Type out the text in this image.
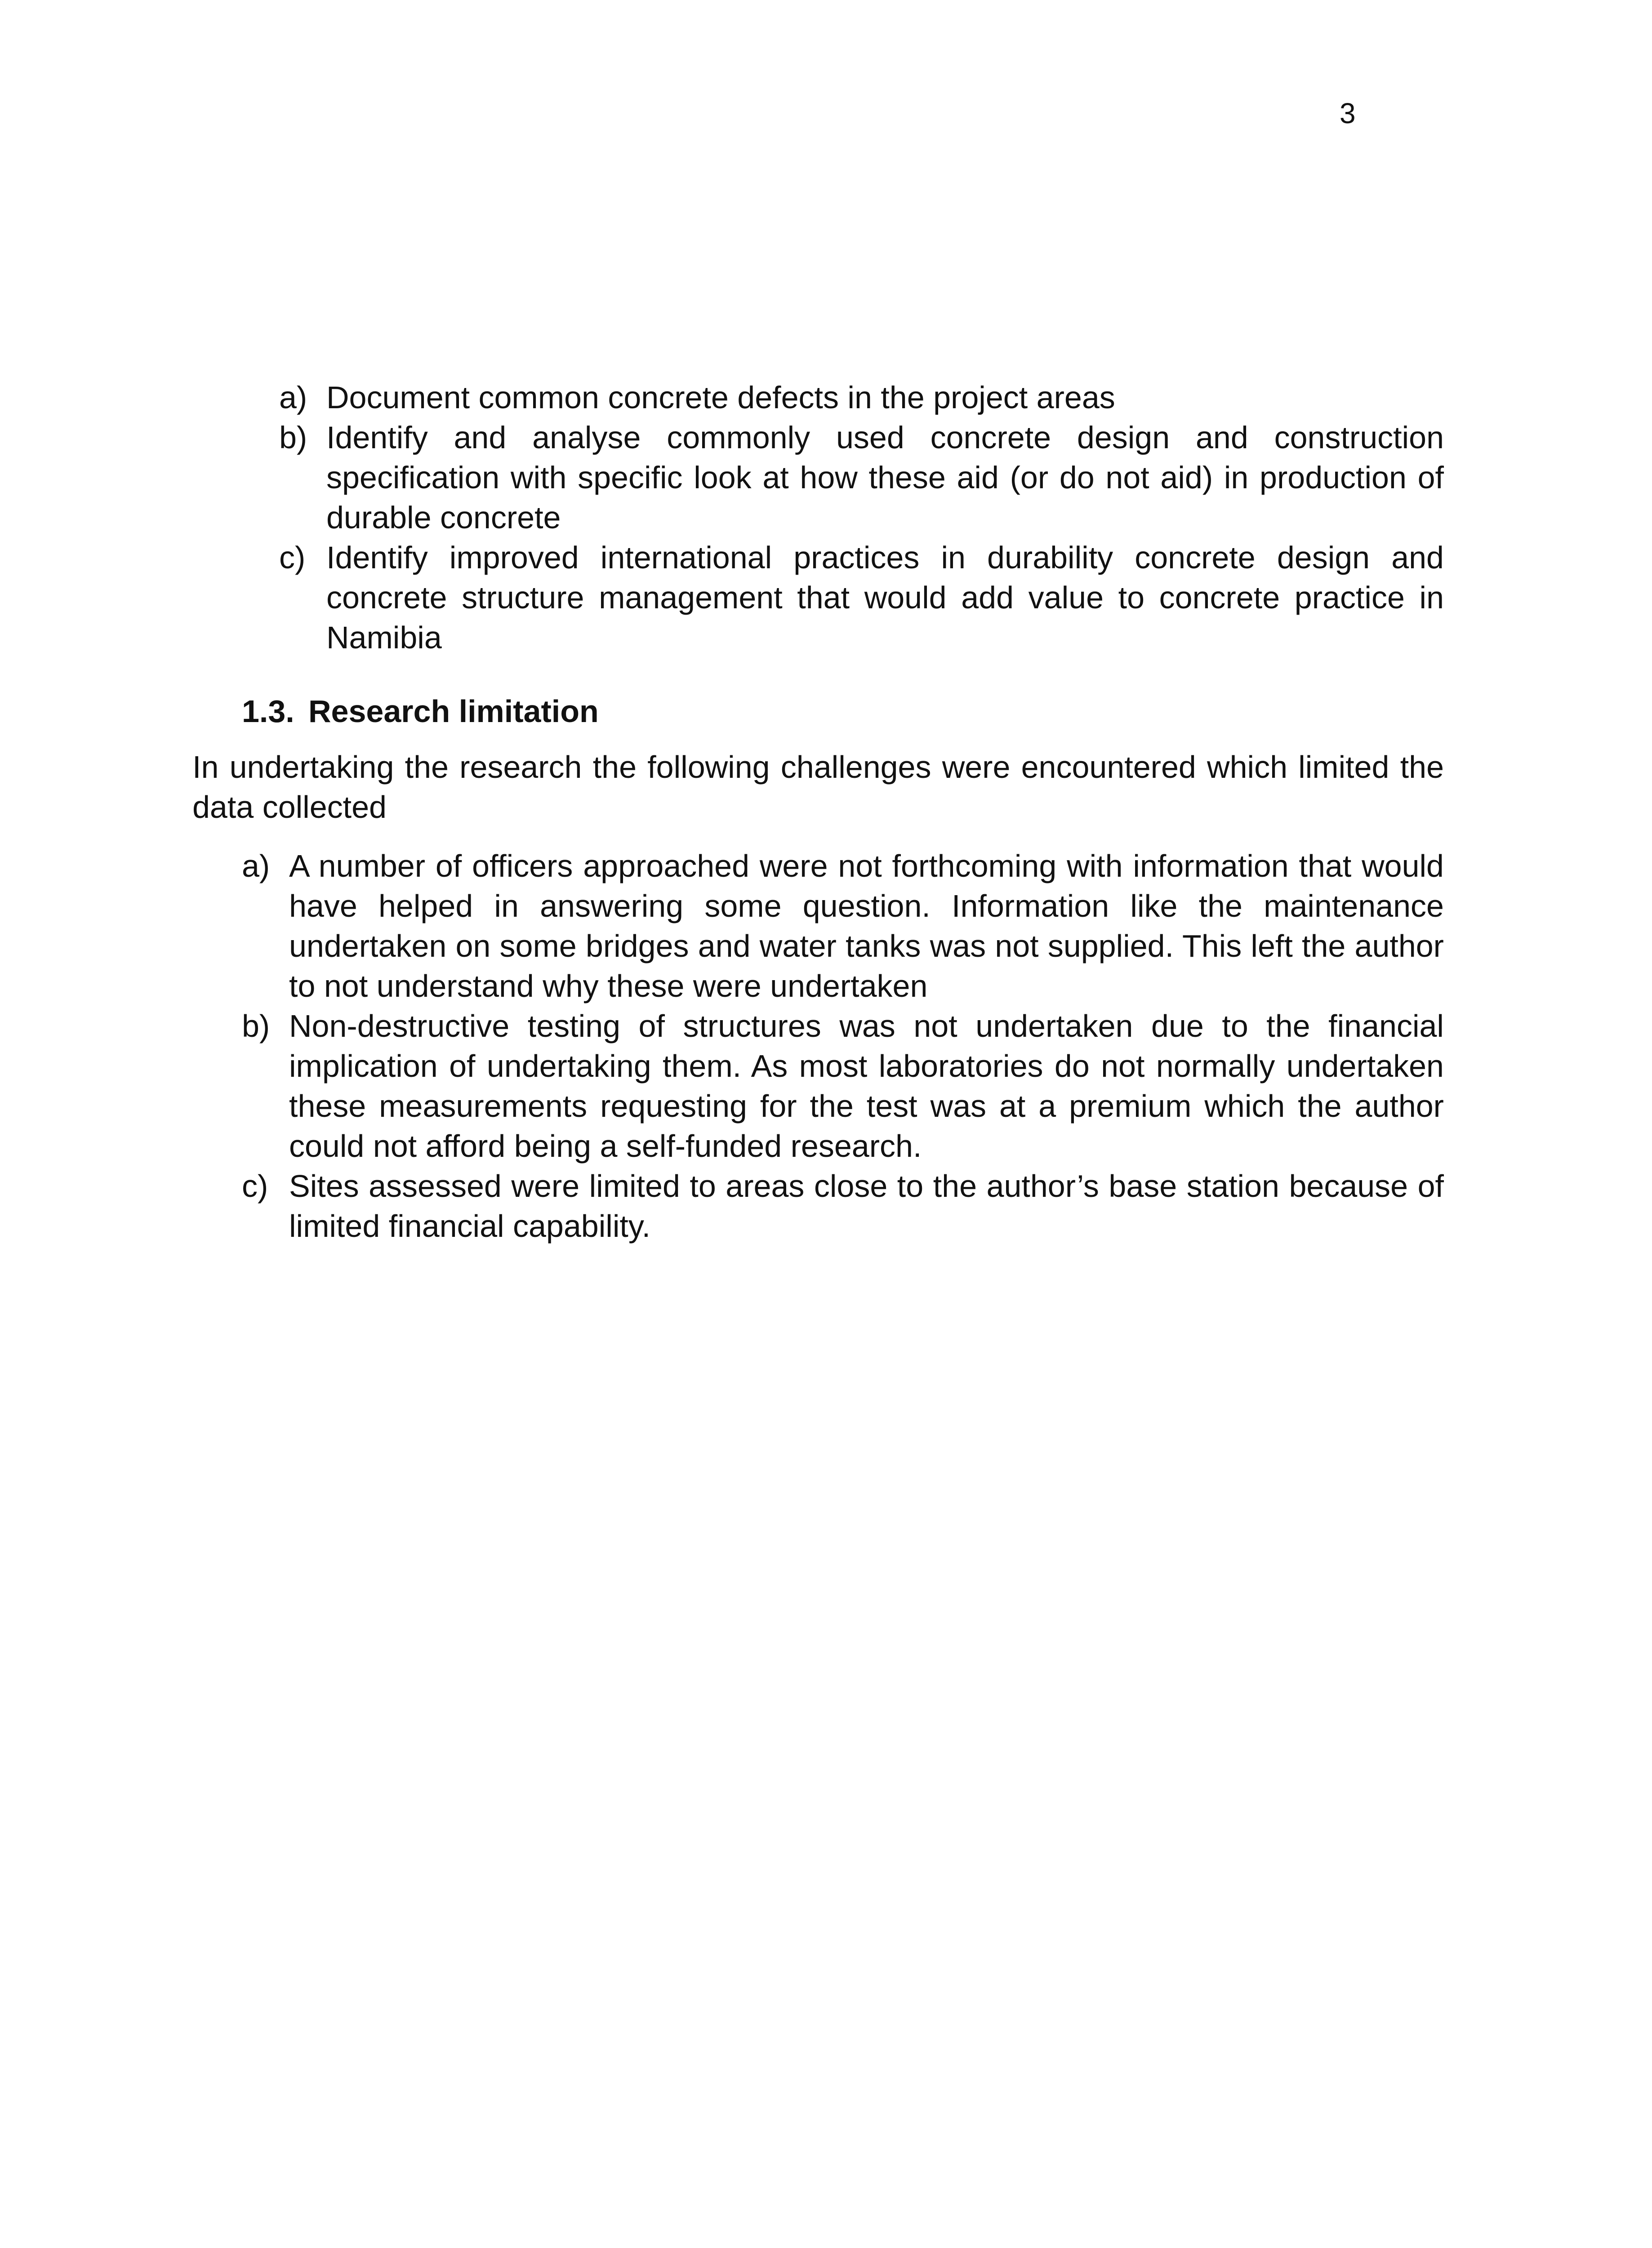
3
a) Document common concrete defects in the project areas
b) Identify and analyse commonly used concrete design and construction specification with specific look at how these aid (or do not aid) in production of durable concrete
c) Identify improved international practices in durability concrete design and concrete structure management that would add value to concrete practice in Namibia
1.3. Research limitation

In undertaking the research the following challenges were encountered which limited the data collected

a) A number of officers approached were not forthcoming with information that would have helped in answering some question. Information like the maintenance undertaken on some bridges and water tanks was not supplied. This left the author to not understand why these were undertaken
b) Non-destructive testing of structures was not undertaken due to the financial implication of undertaking them. As most laboratories do not normally undertaken these measurements requesting for the test was at a premium which the author could not afford being a self-funded research.
c) Sites assessed were limited to areas close to the author’s base station because of limited financial capability.
